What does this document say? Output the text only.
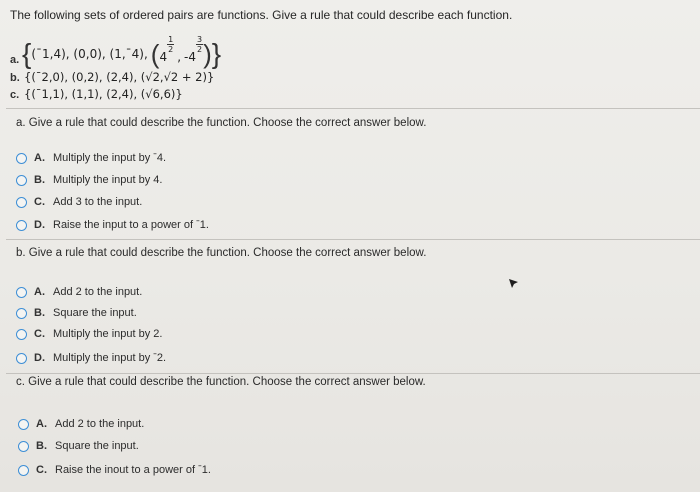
The following sets of ordered pairs are functions. Give a rule that could describe each function.
a. { (ˉ1,4), (0,0), (1,ˉ4), ( 4
$\frac{1}{2}$
, - 4
$\frac{3}{2}$ ) }
b. {(ˉ2,0), (0,2), (2,4), (√2,√2 + 2)}
c. {(ˉ1,1), (1,1), (2,4), (√6,6)}
a. Give a rule that could describe the function. Choose the correct answer below.
A. Multiply the input by ˉ4.
B. Multiply the input by 4.
C. Add 3 to the input.
D. Raise the input to a power of ˉ1.
b. Give a rule that could describe the function. Choose the correct answer below.
A. Add 2 to the input.
B. Square the input.
C. Multiply the input by 2.
D. Multiply the input by ˉ2.
c. Give a rule that could describe the function. Choose the correct answer below.
A. Add 2 to the input.
B. Square the input.
C. Raise the inout to a power of ˉ1.
